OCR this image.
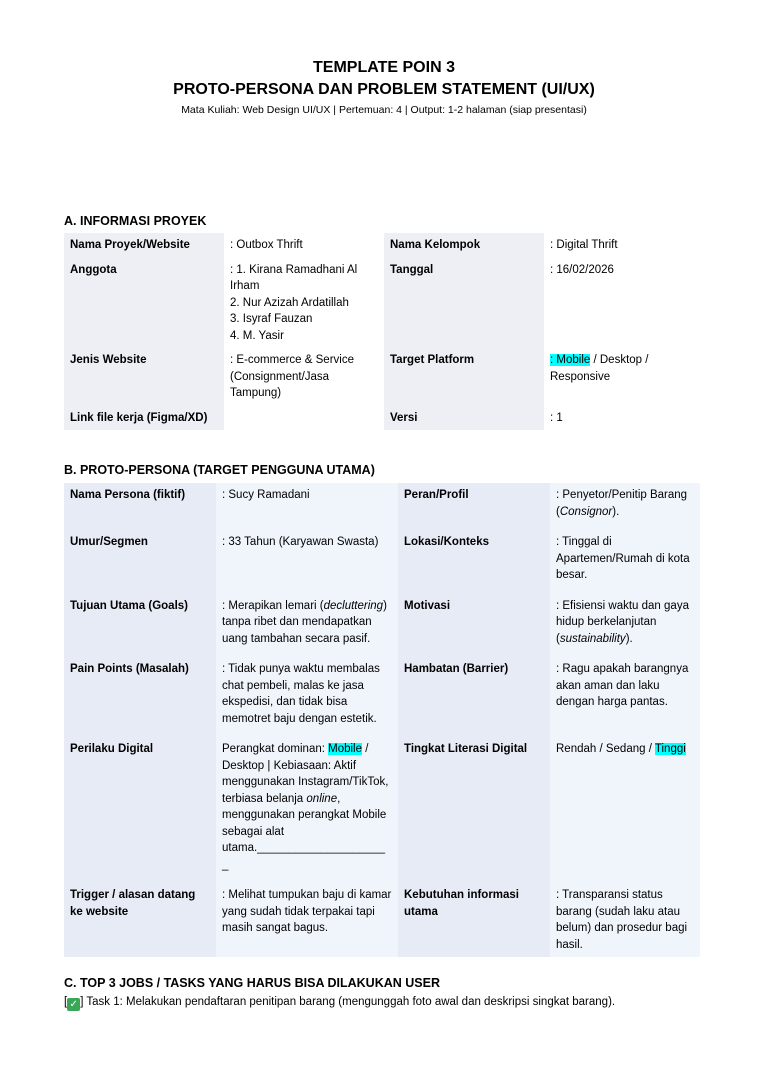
TEMPLATE POIN 3
PROTO-PERSONA DAN PROBLEM STATEMENT (UI/UX)
Mata Kuliah: Web Design UI/UX | Pertemuan: 4 | Output: 1-2 halaman (siap presentasi)
A. INFORMASI PROYEK
Nama Proyek/Website	: Outbox Thrift	Nama Kelompok	: Digital Thrift
Anggota	: 1. Kirana Ramadhani Al Irham
2. Nur Azizah Ardatillah
3. Isyraf Fauzan
4. M. Yasir	Tanggal	: 16/02/2026
Jenis Website	: E-commerce & Service (Consignment/Jasa Tampung)	Target Platform	: Mobile / Desktop / Responsive
Link file kerja (Figma/XD)		Versi	: 1
B. PROTO-PERSONA (TARGET PENGGUNA UTAMA)
Nama Persona (fiktif)	: Sucy Ramadani	Peran/Profil	: Penyetor/Penitip Barang (Consignor).
Umur/Segmen	: 33 Tahun (Karyawan Swasta)	Lokasi/Konteks	: Tinggal di Apartemen/Rumah di kota besar.
Tujuan Utama (Goals)	: Merapikan lemari (decluttering) tanpa ribet dan mendapatkan uang tambahan secara pasif.	Motivasi	: Efisiensi waktu dan gaya hidup berkelanjutan (sustainability).
Pain Points (Masalah)	: Tidak punya waktu membalas chat pembeli, malas ke jasa ekspedisi, dan tidak bisa memotret baju dengan estetik.	Hambatan (Barrier)	: Ragu apakah barangnya akan aman dan laku dengan harga pantas.
Perilaku Digital	Perangkat dominan: Mobile / Desktop | Kebiasaan: Aktif menggunakan Instagram/TikTok, terbiasa belanja online, menggunakan perangkat Mobile sebagai alat utama.____________________
_	Tingkat Literasi Digital	Rendah / Sedang / Tinggi
Trigger / alasan datang ke website	: Melihat tumpukan baju di kamar yang sudah tidak terpakai tapi masih sangat bagus.	Kebutuhan informasi utama	: Transparansi status barang (sudah laku atau belum) dan prosedur bagi hasil.
C. TOP 3 JOBS / TASKS YANG HARUS BISA DILAKUKAN USER
[ ✓ ] Task 1: Melakukan pendaftaran penitipan barang (mengunggah foto awal dan deskripsi singkat barang).
